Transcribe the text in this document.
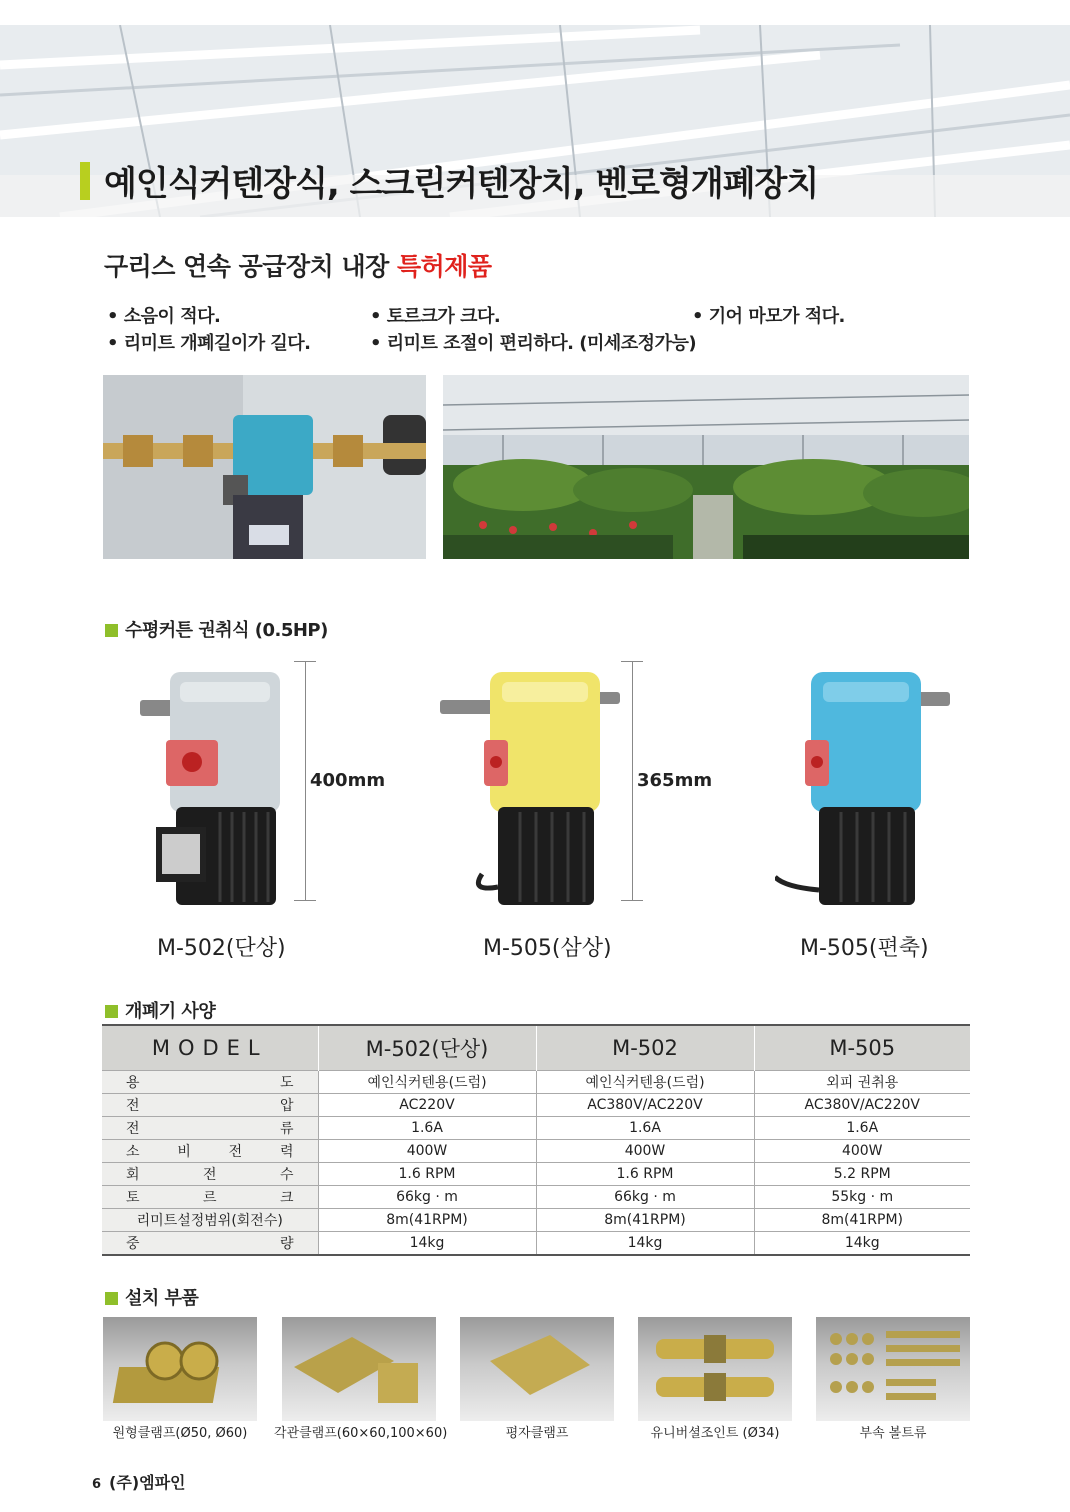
예인식커텐장식, 스크린커텐장치, 벤로형개폐장치
구리스 연속 공급장치 내장 특허제품
• 소음이 적다.	• 토르크가 크다.	• 기어 마모가 적다.
• 리미트 개폐길이가 길다.	• 리미트 조절이 편리하다. (미세조정가능)
수평커튼 권취식 (0.5HP)
400mm	365mm
M-502(단상)	M-505(삼상)	M-505(편축)
개폐기 사양
MODEL	M-502(단상)	M-502	M-505

용 도	예인식커텐용(드럼)	예인식커텐용(드럼)	외피 권취용

전 압	AC220V	AC380V/AC220V	AC380V/AC220V

전 류	1.6A	1.6A	1.6A

소 비 전 력	400W	400W	400W

회 전 수	1.6 RPM	1.6 RPM	5.2 RPM

토 르 크	66kg · m	66kg · m	55kg · m

리미트설정범위(회전수)	8m(41RPM)	8m(41RPM)	8m(41RPM)

중 량	14kg	14kg	14kg
설치 부품
원형클램프(Ø50, Ø60)	각관클램프(60×60,100×60)	평자클램프	유니버셜조인트 (Ø34)	부속 볼트류
6 (주)엠파인
